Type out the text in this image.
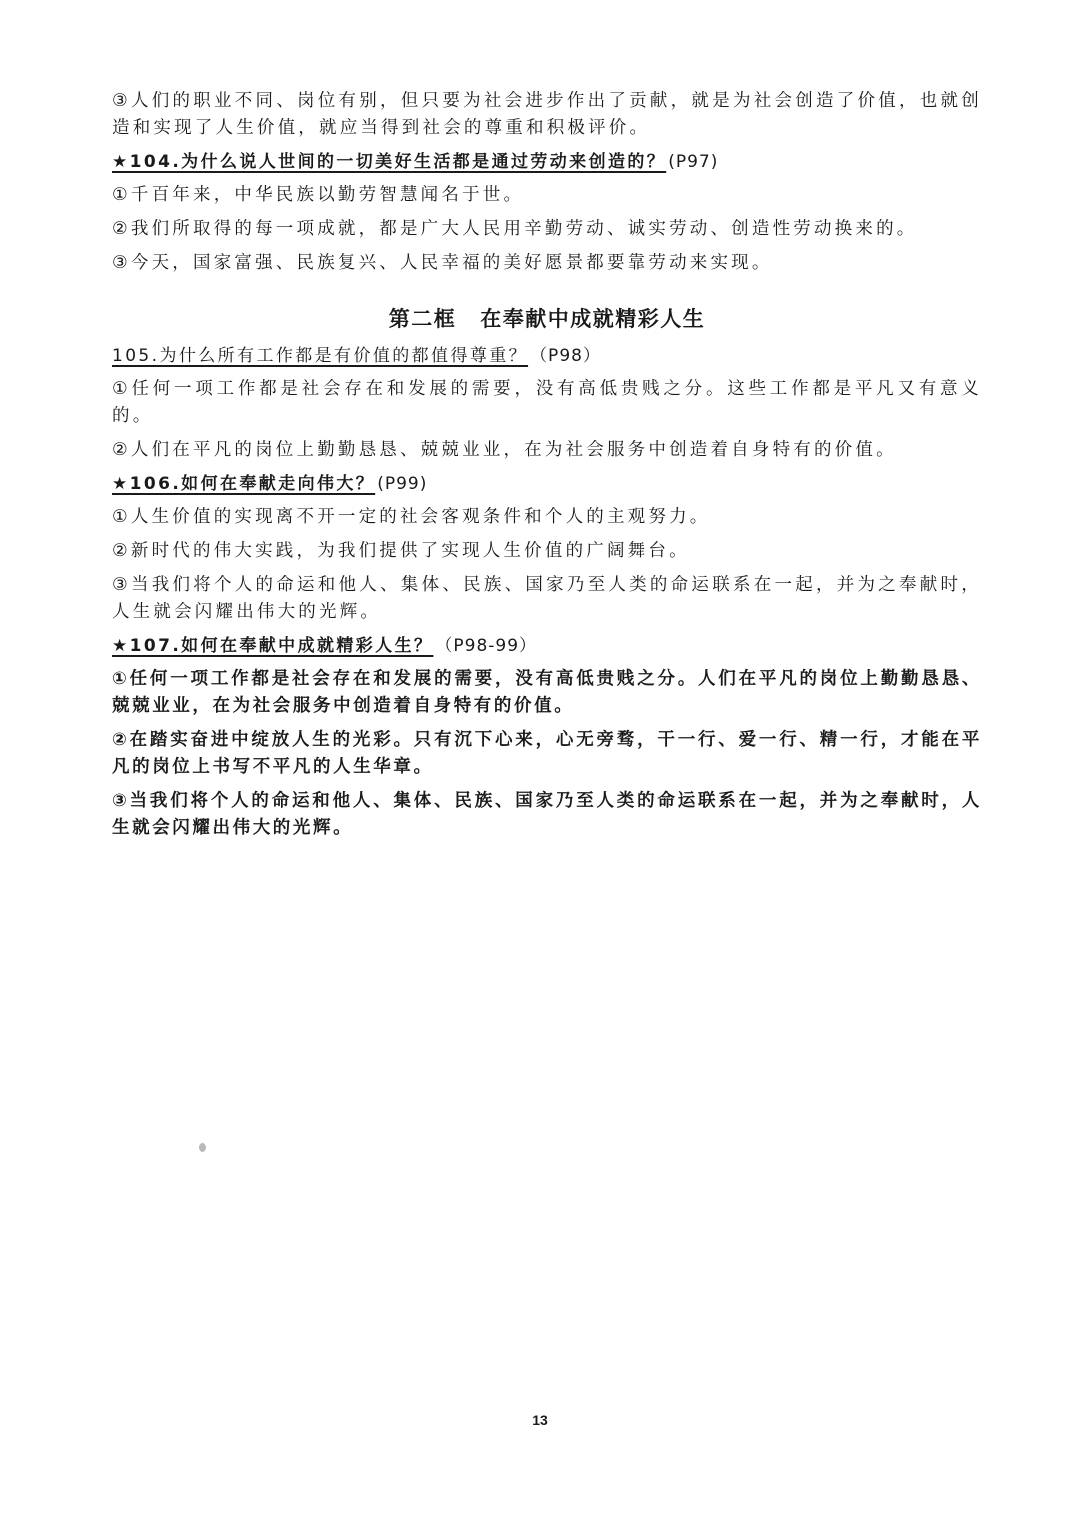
③人们的职业不同、岗位有别，但只要为社会进步作出了贡献，就是为社会创造了价值，也就创造和实现了人生价值，就应当得到社会的尊重和积极评价。

★104.为什么说人世间的一切美好生活都是通过劳动来创造的？ (P97)

①千百年来，中华民族以勤劳智慧闻名于世。

②我们所取得的每一项成就，都是广大人民用辛勤劳动、诚实劳动、创造性劳动换来的。

③今天，国家富强、民族复兴、人民幸福的美好愿景都要靠劳动来实现。

第二框 在奉献中成就精彩人生
105.为什么所有工作都是有价值的都值得尊重？ （P98）

①任何一项工作都是社会存在和发展的需要，没有高低贵贱之分。这些工作都是平凡又有意义的。

②人们在平凡的岗位上勤勤恳恳、兢兢业业，在为社会服务中创造着自身特有的价值。

★106.如何在奉献走向伟大？ (P99)

①人生价值的实现离不开一定的社会客观条件和个人的主观努力。

②新时代的伟大实践，为我们提供了实现人生价值的广阔舞台。

③当我们将个人的命运和他人、集体、民族、国家乃至人类的命运联系在一起，并为之奉献时，人生就会闪耀出伟大的光辉。

★107.如何在奉献中成就精彩人生？ （P98-99）

①任何一项工作都是社会存在和发展的需要，没有高低贵贱之分。人们在平凡的岗位上勤勤恳恳、兢兢业业，在为社会服务中创造着自身特有的价值。

②在踏实奋进中绽放人生的光彩。只有沉下心来，心无旁骛，干一行、爱一行、精一行，才能在平凡的岗位上书写不平凡的人生华章。

③当我们将个人的命运和他人、集体、民族、国家乃至人类的命运联系在一起，并为之奉献时，人生就会闪耀出伟大的光辉。

13
